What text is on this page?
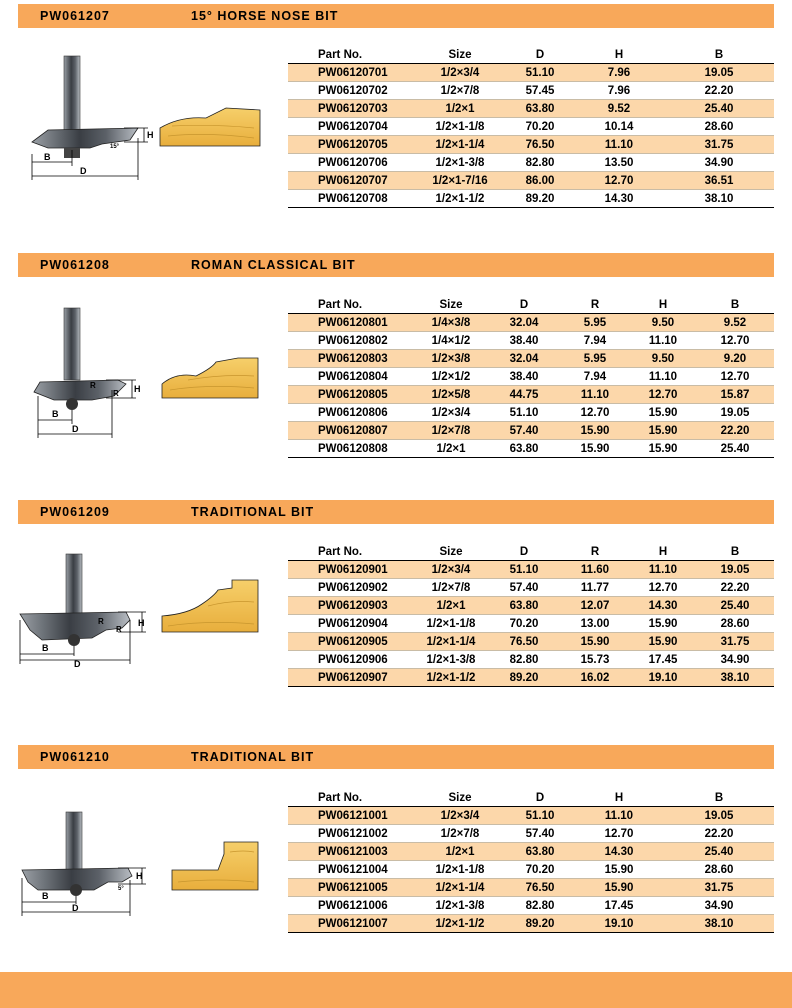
PW061207	15° HORSE NOSE BIT
B
D
H
15°
Part No.	Size	D	H	B
PW06120701	1/2×3/4	51.10	7.96	19.05
PW06120702	1/2×7/8	57.45	7.96	22.20
PW06120703	1/2×1	63.80	9.52	25.40
PW06120704	1/2×1-1/8	70.20	10.14	28.60
PW06120705	1/2×1-1/4	76.50	11.10	31.75
PW06120706	1/2×1-3/8	82.80	13.50	34.90
PW06120707	1/2×1-7/16	86.00	12.70	36.51
PW06120708	1/2×1-1/2	89.20	14.30	38.10
PW061208	ROMAN CLASSICAL BIT
B
D
H
R
R
Part No.	Size	D	R	H	B
PW06120801	1/4×3/8	32.04	5.95	9.50	9.52
PW06120802	1/4×1/2	38.40	7.94	11.10	12.70
PW06120803	1/2×3/8	32.04	5.95	9.50	9.20
PW06120804	1/2×1/2	38.40	7.94	11.10	12.70
PW06120805	1/2×5/8	44.75	11.10	12.70	15.87
PW06120806	1/2×3/4	51.10	12.70	15.90	19.05
PW06120807	1/2×7/8	57.40	15.90	15.90	22.20
PW06120808	1/2×1	63.80	15.90	15.90	25.40
PW061209	TRADITIONAL BIT
B
D
H
R
R
Part No.	Size	D	R	H	B
PW06120901	1/2×3/4	51.10	11.60	11.10	19.05
PW06120902	1/2×7/8	57.40	11.77	12.70	22.20
PW06120903	1/2×1	63.80	12.07	14.30	25.40
PW06120904	1/2×1-1/8	70.20	13.00	15.90	28.60
PW06120905	1/2×1-1/4	76.50	15.90	15.90	31.75
PW06120906	1/2×1-3/8	82.80	15.73	17.45	34.90
PW06120907	1/2×1-1/2	89.20	16.02	19.10	38.10
PW061210	TRADITIONAL BIT
B
D
H
5°
Part No.	Size	D	H	B
PW06121001	1/2×3/4	51.10	11.10	19.05
PW06121002	1/2×7/8	57.40	12.70	22.20
PW06121003	1/2×1	63.80	14.30	25.40
PW06121004	1/2×1-1/8	70.20	15.90	28.60
PW06121005	1/2×1-1/4	76.50	15.90	31.75
PW06121006	1/2×1-3/8	82.80	17.45	34.90
PW06121007	1/2×1-1/2	89.20	19.10	38.10
